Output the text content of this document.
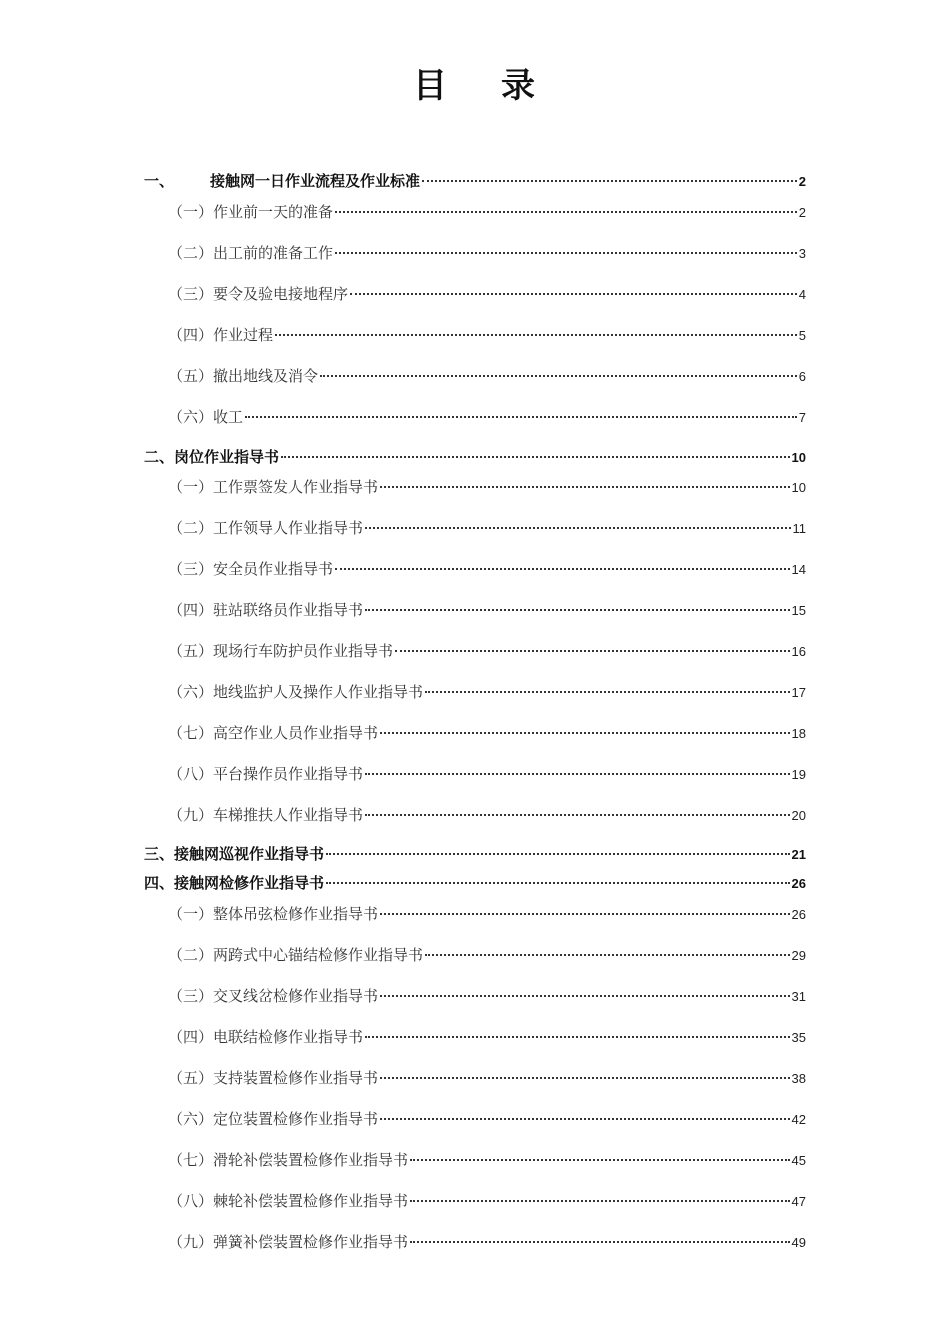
目 录
一、 接触网一日作业流程及作业标准	2
（一）作业前一天的准备	2
（二）出工前的准备工作	3
（三）要令及验电接地程序	4
（四）作业过程	5
（五）撤出地线及消令	6
（六）收工	7
二、岗位作业指导书	10
（一）工作票签发人作业指导书	10
（二）工作领导人作业指导书	11
（三）安全员作业指导书	14
（四）驻站联络员作业指导书	15
（五）现场行车防护员作业指导书	16
（六）地线监护人及操作人作业指导书	17
（七）高空作业人员作业指导书	18
（八）平台操作员作业指导书	19
（九）车梯推扶人作业指导书	20
三、接触网巡视作业指导书	21
四、接触网检修作业指导书	26
（一）整体吊弦检修作业指导书	26
（二）两跨式中心锚结检修作业指导书	29
（三）交叉线岔检修作业指导书	31
（四）电联结检修作业指导书	35
（五）支持装置检修作业指导书	38
（六）定位装置检修作业指导书	42
（七）滑轮补偿装置检修作业指导书	45
（八）棘轮补偿装置检修作业指导书	47
（九）弹簧补偿装置检修作业指导书	49
